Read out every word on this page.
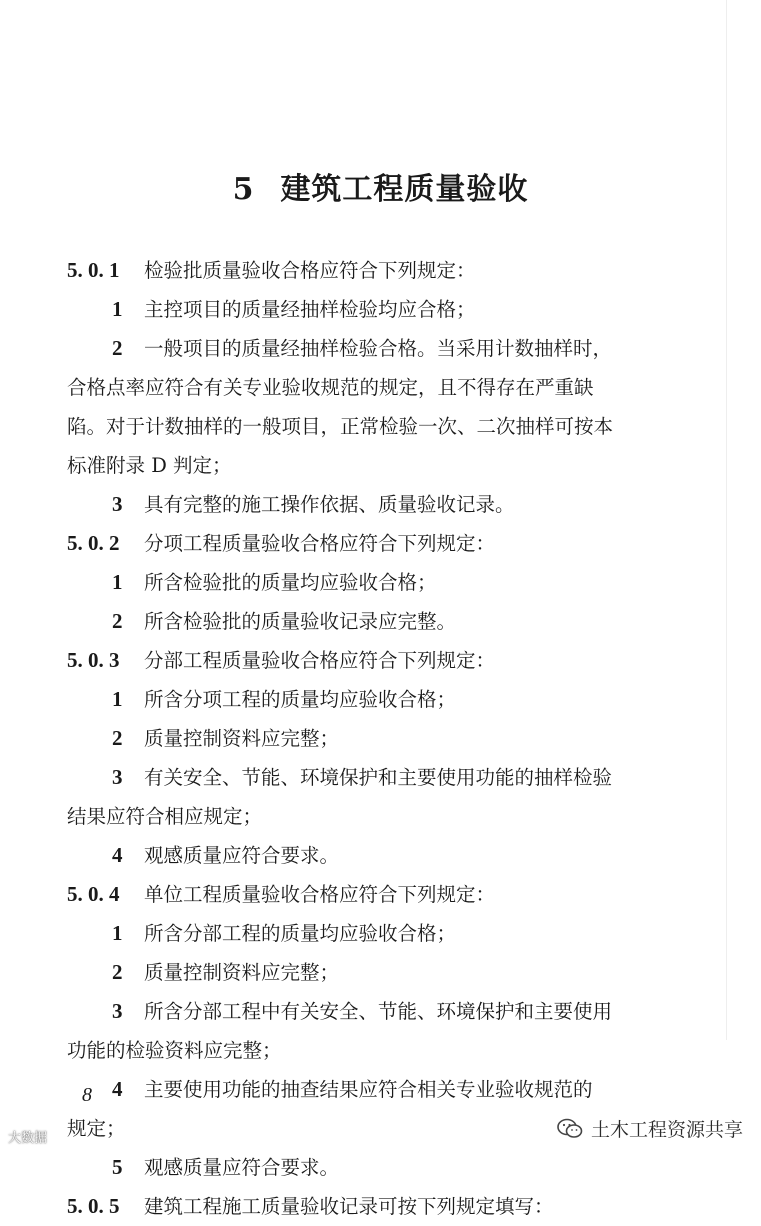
5 建筑工程质量验收
5. 0. 1 检验批质量验收合格应符合下列规定：
1 主控项目的质量经抽样检验均应合格；
2 一般项目的质量经抽样检验合格。当采用计数抽样时，
合格点率应符合有关专业验收规范的规定，且不得存在严重缺
陷。对于计数抽样的一般项目，正常检验一次、二次抽样可按本
标准附录 D 判定；
3 具有完整的施工操作依据、质量验收记录。
5. 0. 2 分项工程质量验收合格应符合下列规定：
1 所含检验批的质量均应验收合格；
2 所含检验批的质量验收记录应完整。
5. 0. 3 分部工程质量验收合格应符合下列规定：
1 所含分项工程的质量均应验收合格；
2 质量控制资料应完整；
3 有关安全、节能、环境保护和主要使用功能的抽样检验
结果应符合相应规定；
4 观感质量应符合要求。
5. 0. 4 单位工程质量验收合格应符合下列规定：
1 所含分部工程的质量均应验收合格；
2 质量控制资料应完整；
3 所含分部工程中有关安全、节能、环境保护和主要使用
功能的检验资料应完整；
4 主要使用功能的抽查结果应符合相关专业验收规范的
规定；
5 观感质量应符合要求。
5. 0. 5 建筑工程施工质量验收记录可按下列规定填写：
8
大数据	土木工程资源共享
